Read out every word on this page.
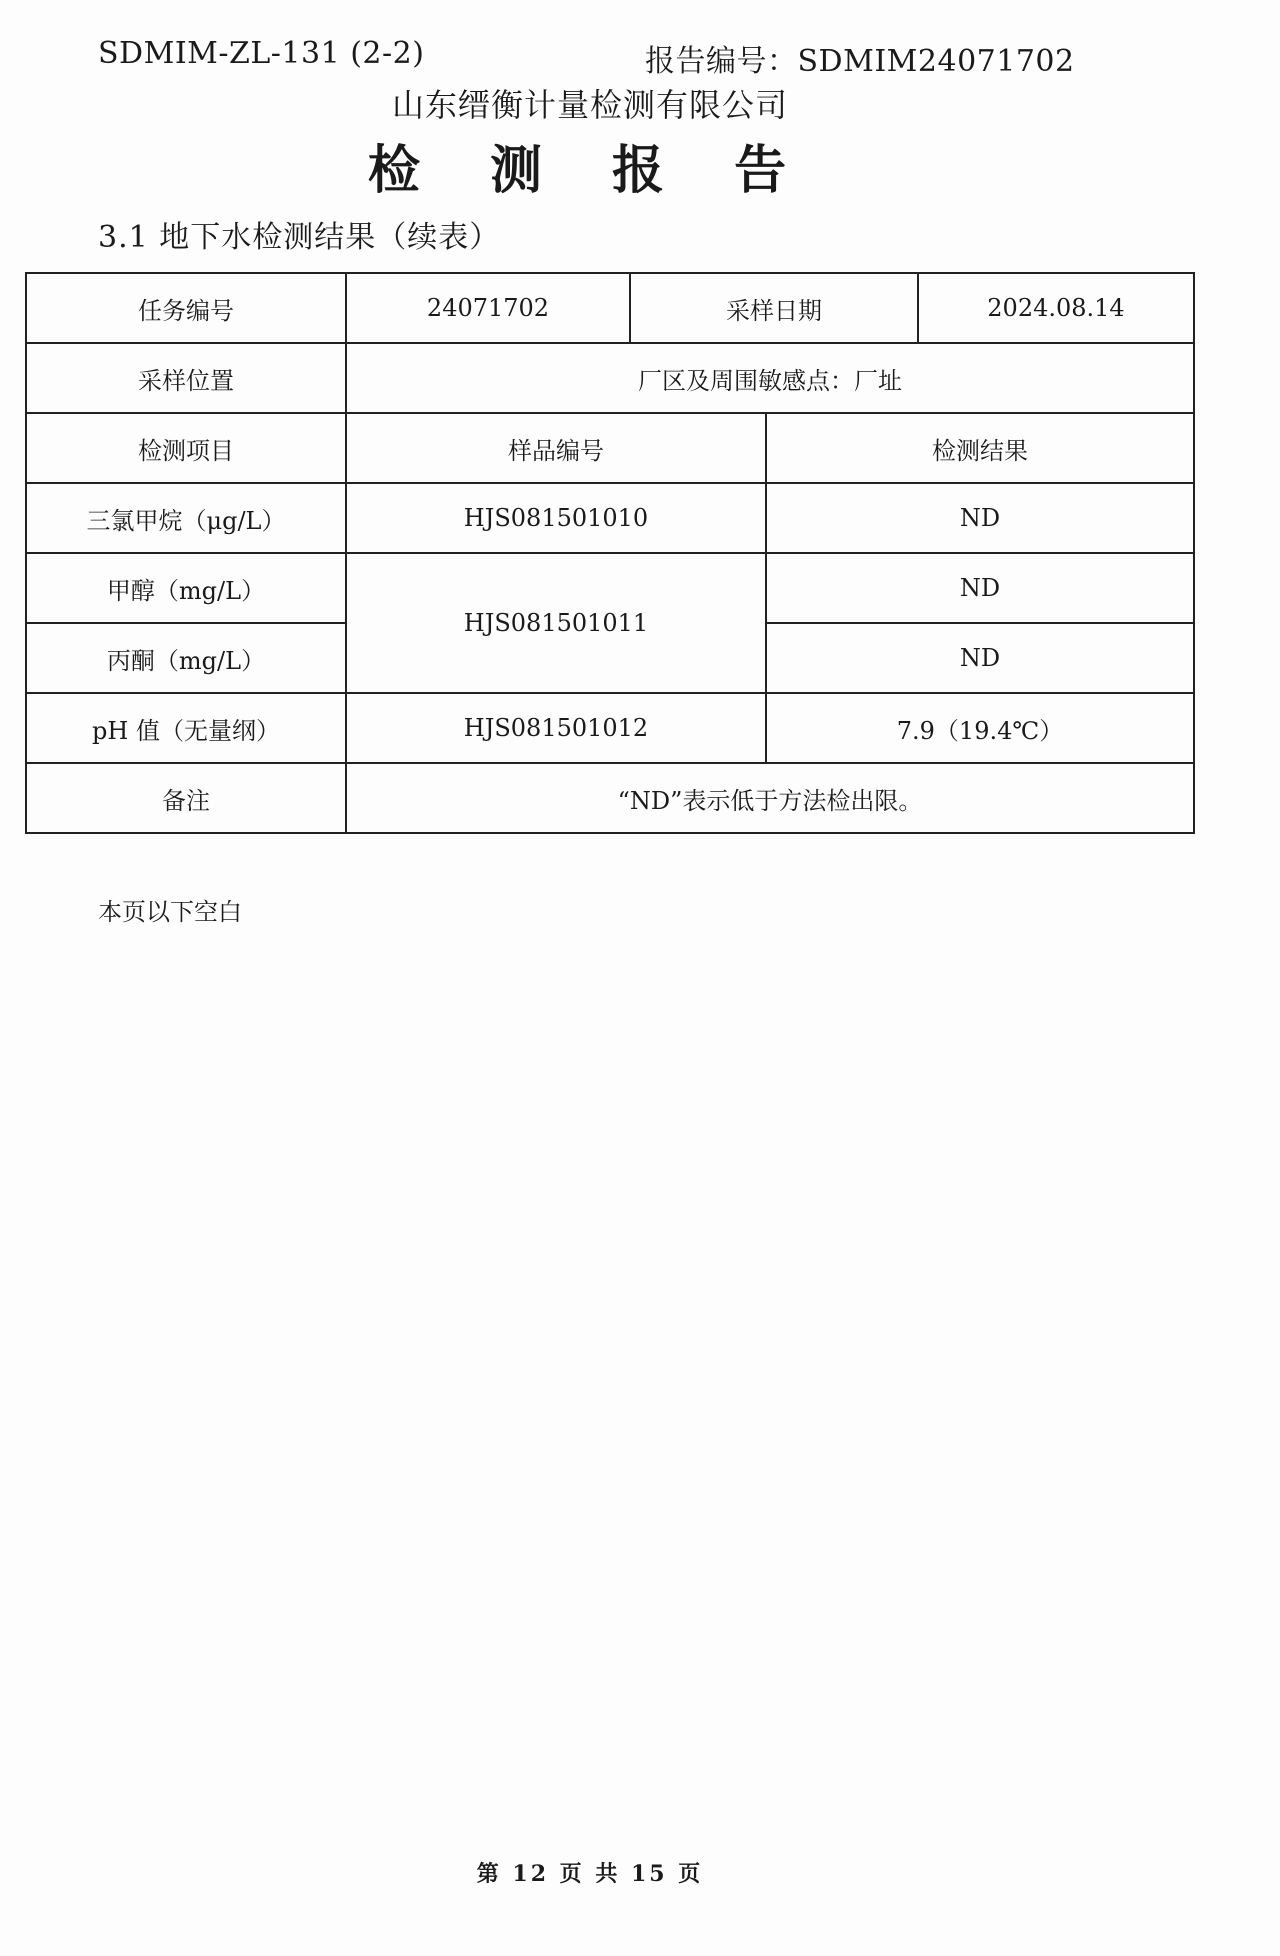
SDMIM-ZL-131 (2-2)	报告编号：SDMIM24071702
山东缙衡计量检测有限公司
检 测 报 告
3.1 地下水检测结果（续表）
任务编号	24071702	采样日期		2024.08.14
采样位置	厂区及周围敏感点：厂址			
检测项目	样品编号		检测结果	
三氯甲烷（μg/L）	HJS081501010		ND	
甲醇（mg/L）	HJS081501011		ND	
丙酮（mg/L）			ND	
pH 值（无量纲）	HJS081501012		7.9（19.4℃）	
备注	“ND”表示低于方法检出限。			
本页以下空白
第 12 页 共 15 页
